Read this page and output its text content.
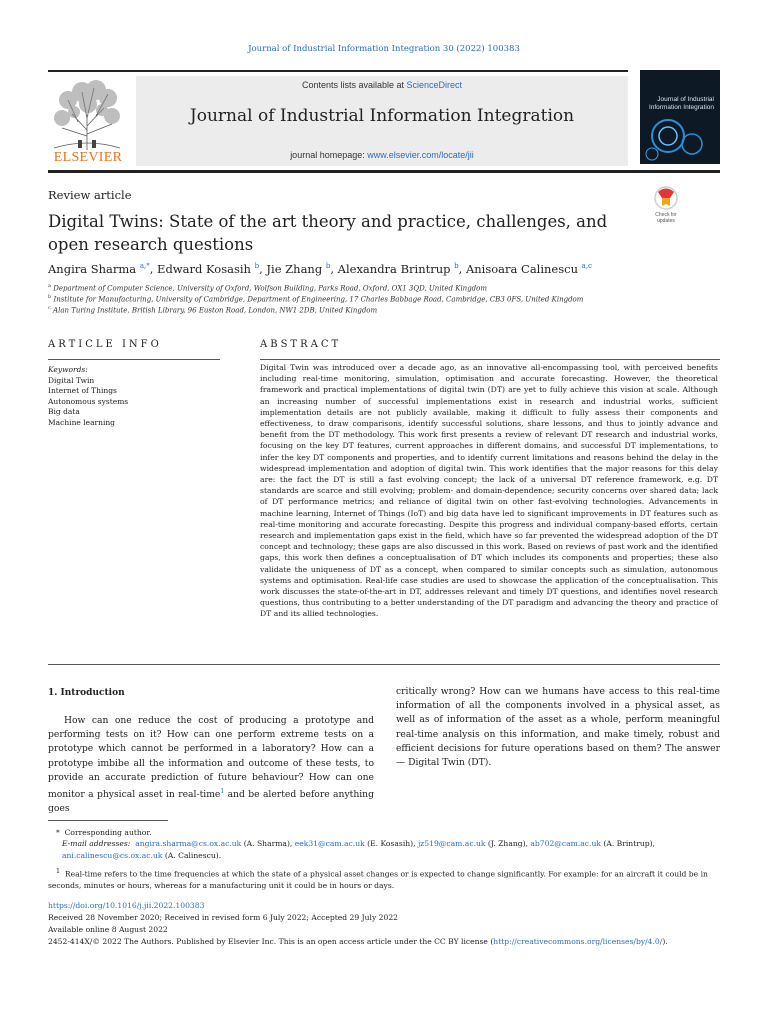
Journal of Industrial Information Integration 30 (2022) 100383
ELSEVIER
Contents lists available at ScienceDirect
Journal of Industrial Information Integration
journal homepage: www.elsevier.com/locate/jii
Journal of Industrial Information Integration
Review article
Digital Twins: State of the art theory and practice, challenges, and open research questions
Check for updates
Angira Sharma $^{a,*}$, Edward Kosasih $^b$, Jie Zhang $^b$, Alexandra Brintrup $^b$, Anisoara Calinescu $^{a,c}$
$^a$ Department of Computer Science, University of Oxford, Wolfson Building, Parks Road, Oxford, OX1 3QD, United Kingdom
$^b$ Institute for Manufacturing, University of Cambridge, Department of Engineering, 17 Charles Babbage Road, Cambridge, CB3 0FS, United Kingdom
$^c$ Alan Turing Institute, British Library, 96 Euston Road, London, NW1 2DB, United Kingdom
ARTICLE INFO
Keywords:
Digital Twin
Internet of Things
Autonomous systems
Big data
Machine learning
ABSTRACT
Digital Twin was introduced over a decade ago, as an innovative all-encompassing tool, with perceived benefits including real-time monitoring, simulation, optimisation and accurate forecasting. However, the theoretical framework and practical implementations of digital twin (DT) are yet to fully achieve this vision at scale. Although an increasing number of successful implementations exist in research and industrial works, sufficient implementation details are not publicly available, making it difficult to fully assess their components and effectiveness, to draw comparisons, identify successful solutions, share lessons, and thus to jointly advance and benefit from the DT methodology. This work first presents a review of relevant DT research and industrial works, focusing on the key DT features, current approaches in different domains, and successful DT implementations, to infer the key DT components and properties, and to identify current limitations and reasons behind the delay in the widespread implementation and adoption of digital twin. This work identifies that the major reasons for this delay are: the fact the DT is still a fast evolving concept; the lack of a universal DT reference framework, e.g. DT standards are scarce and still evolving; problem- and domain-dependence; security concerns over shared data; lack of DT performance metrics; and reliance of digital twin on other fast-evolving technologies. Advancements in machine learning, Internet of Things (IoT) and big data have led to significant improvements in DT features such as real-time monitoring and accurate forecasting. Despite this progress and individual company-based efforts, certain research and implementation gaps exist in the field, which have so far prevented the widespread adoption of the DT concept and technology; these gaps are also discussed in this work. Based on reviews of past work and the identified gaps, this work then defines a conceptualisation of DT which includes its components and properties; these also validate the uniqueness of DT as a concept, when compared to similar concepts such as simulation, autonomous systems and optimisation. Real-life case studies are used to showcase the application of the conceptualisation. This work discusses the state-of-the-art in DT, addresses relevant and timely DT questions, and identifies novel research questions, thus contributing to a better understanding of the DT paradigm and advancing the theory and practice of DT and its allied technologies.
1. Introduction
How can one reduce the cost of producing a prototype and performing tests on it? How can one perform extreme tests on a prototype which cannot be performed in a laboratory? How can a prototype imbibe all the information and outcome of these tests, to provide an accurate prediction of future behaviour? How can one monitor a physical asset in real-time$^1$ and be alerted before anything goes
critically wrong? How can we humans have access to this real-time information of all the components involved in a physical asset, as well as of information of the asset as a whole, perform meaningful real-time analysis on this information, and make timely, robust and efficient decisions for future operations based on them? The answer — Digital Twin (DT).
* Corresponding author.
E-mail addresses: angira.sharma@cs.ox.ac.uk (A. Sharma), eek31@cam.ac.uk (E. Kosasih), jz519@cam.ac.uk (J. Zhang), ab702@cam.ac.uk (A. Brintrup), ani.calinescu@cs.ox.ac.uk (A. Calinescu).
$^1$ Real-time refers to the time frequencies at which the state of a physical asset changes or is expected to change significantly. For example: for an aircraft it could be in seconds, minutes or hours, whereas for a manufacturing unit it could be in hours or days.
https://doi.org/10.1016/j.jii.2022.100383
Received 28 November 2020; Received in revised form 6 July 2022; Accepted 29 July 2022
Available online 8 August 2022
2452-414X/© 2022 The Authors. Published by Elsevier Inc. This is an open access article under the CC BY license (http://creativecommons.org/licenses/by/4.0/).
